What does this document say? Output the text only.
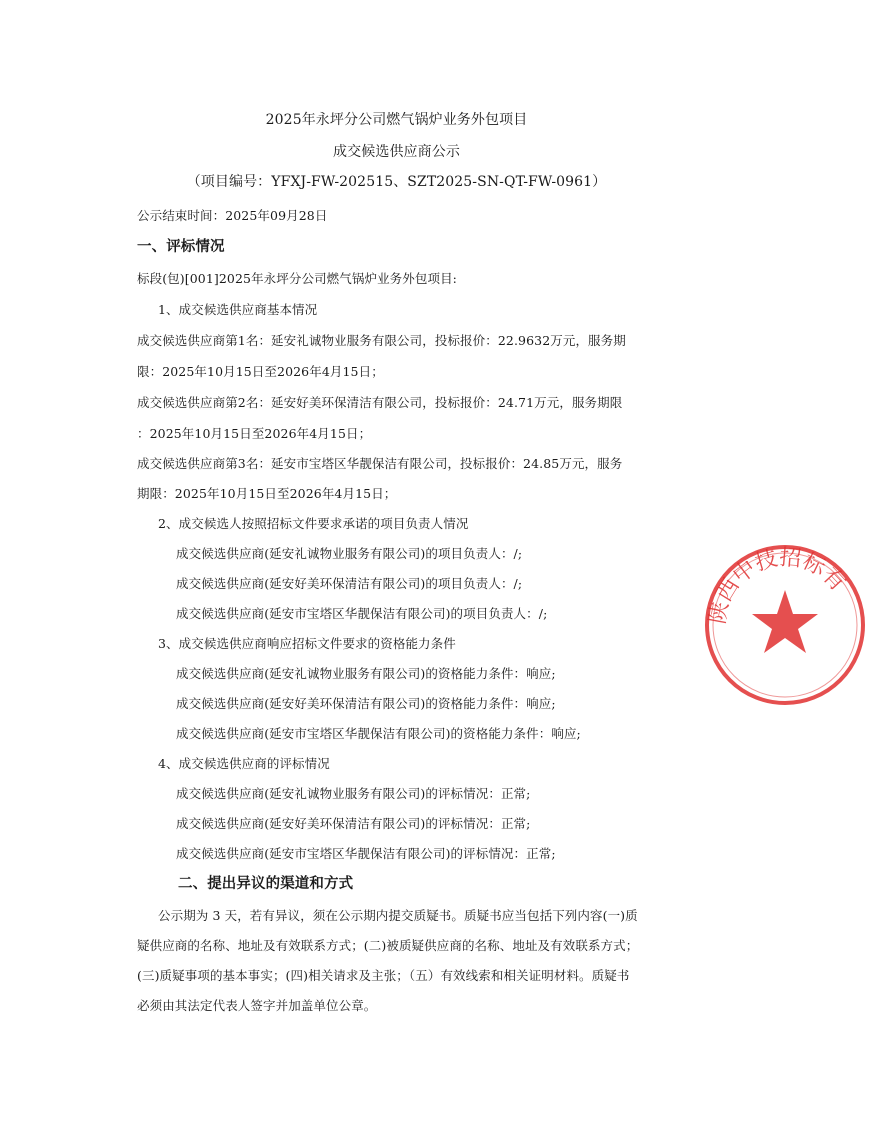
2025年永坪分公司燃气锅炉业务外包项目
成交候选供应商公示
（项目编号：YFXJ-FW-202515、SZT2025-SN-QT-FW-0961）
公示结束时间：2025年09月28日
一、评标情况
标段(包)[001]2025年永坪分公司燃气锅炉业务外包项目:
1、成交候选供应商基本情况
成交候选供应商第1名：延安礼诚物业服务有限公司，投标报价：22.9632万元，服务期
限：2025年10月15日至2026年4月15日；
成交候选供应商第2名：延安好美环保清洁有限公司，投标报价：24.71万元，服务期限
：2025年10月15日至2026年4月15日；
成交候选供应商第3名：延安市宝塔区华靓保洁有限公司，投标报价：24.85万元，服务
期限：2025年10月15日至2026年4月15日；
2、成交候选人按照招标文件要求承诺的项目负责人情况
成交候选供应商(延安礼诚物业服务有限公司)的项目负责人：/;
成交候选供应商(延安好美环保清洁有限公司)的项目负责人：/;
成交候选供应商(延安市宝塔区华靓保洁有限公司)的项目负责人：/;
3、成交候选供应商响应招标文件要求的资格能力条件
成交候选供应商(延安礼诚物业服务有限公司)的资格能力条件：响应;
成交候选供应商(延安好美环保清洁有限公司)的资格能力条件：响应;
成交候选供应商(延安市宝塔区华靓保洁有限公司)的资格能力条件：响应;
4、成交候选供应商的评标情况
成交候选供应商(延安礼诚物业服务有限公司)的评标情况：正常;
成交候选供应商(延安好美环保清洁有限公司)的评标情况：正常;
成交候选供应商(延安市宝塔区华靓保洁有限公司)的评标情况：正常;
二、提出异议的渠道和方式
公示期为 3 天，若有异议，须在公示期内提交质疑书。质疑书应当包括下列内容(一)质
疑供应商的名称、地址及有效联系方式；(二)被质疑供应商的名称、地址及有效联系方式；
(三)质疑事项的基本事实；(四)相关请求及主张；（五）有效线索和相关证明材料。质疑书
必须由其法定代表人签字并加盖单位公章。
陕西中技招标有
